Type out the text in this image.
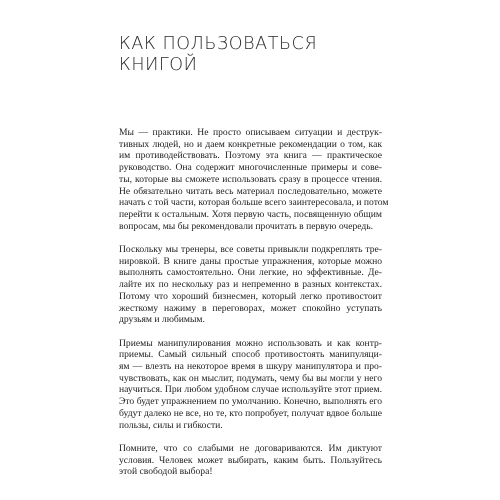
КАК ПОЛЬЗОВАТЬСЯ
КНИГОЙ

Мы — практики. Не просто описываем ситуации и деструк-
тивных людей, но и даем конкретные рекомендации о том, как
им противодействовать. Поэтому эта книга — практическое
руководство. Она содержит многочисленные примеры и сове-
ты, которые вы сможете использовать сразу в процессе чтения.
Не обязательно читать весь материал последовательно, можете
начать с той части, которая больше всего заинтересовала, и потом
перейти к остальным. Хотя первую часть, посвященную общим
вопросам, мы бы рекомендовали прочитать в первую очередь.

Поскольку мы тренеры, все советы привыкли подкреплять тре-
нировкой. В книге даны простые упражнения, которые можно
выполнять самостоятельно. Они легкие, но эффективные. Де-
лайте их по нескольку раз и непременно в разных контекстах.
Потому что хороший бизнесмен, который легко противостоит
жесткому нажиму в переговорах, может спокойно уступать
друзьям и любимым.

Приемы манипулирования можно использовать и как контр-
приемы. Самый сильный способ противостоять манипуляци-
ям — влезть на некоторое время в шкуру манипулятора и про-
чувствовать, как он мыслит, подумать, чему бы вы могли у него
научиться. При любом удобном случае используйте этот прием.
Это будет упражнением по умолчанию. Конечно, выполнять его
будут далеко не все, но те, кто попробует, получат вдвое больше
пользы, силы и гибкости.

Помните, что со слабыми не договариваются. Им диктуют
условия. Человек может выбирать, каким быть. Пользуйтесь
этой свободой выбора!
